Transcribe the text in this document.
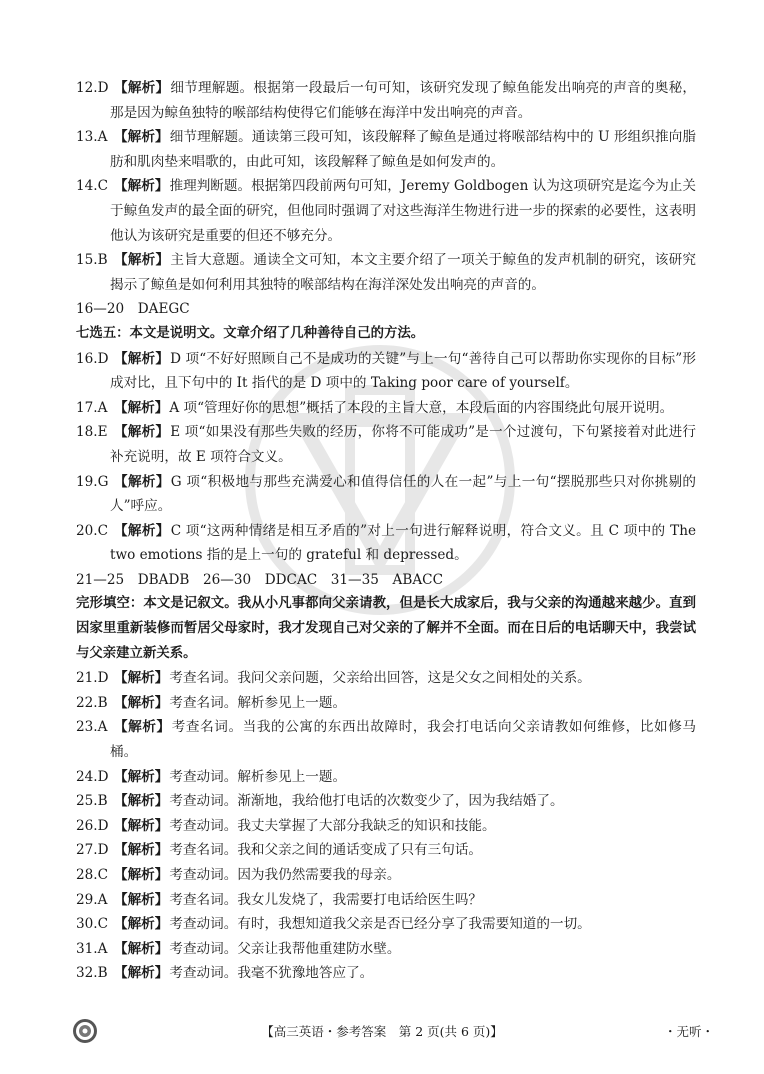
12.D 【解析】细节理解题。根据第一段最后一句可知，该研究发现了鲸鱼能发出响亮的声音的奥秘，那是因为鲸鱼独特的喉部结构使得它们能够在海洋中发出响亮的声音。
13.A 【解析】细节理解题。通读第三段可知，该段解释了鲸鱼是通过将喉部结构中的 U 形组织推向脂肪和肌肉垫来唱歌的，由此可知，该段解释了鲸鱼是如何发声的。
14.C 【解析】推理判断题。根据第四段前两句可知，Jeremy Goldbogen 认为这项研究是迄今为止关于鲸鱼发声的最全面的研究，但他同时强调了对这些海洋生物进行进一步的探索的必要性，这表明他认为该研究是重要的但还不够充分。
15.B 【解析】主旨大意题。通读全文可知，本文主要介绍了一项关于鲸鱼的发声机制的研究，该研究揭示了鲸鱼是如何利用其独特的喉部结构在海洋深处发出响亮的声音的。
16—20　DAEGC
七选五：本文是说明文。文章介绍了几种善待自己的方法。
16.D 【解析】D 项“不好好照顾自己不是成功的关键”与上一句“善待自己可以帮助你实现你的目标”形成对比，且下句中的 It 指代的是 D 项中的 Taking poor care of yourself。
17.A 【解析】A 项“管理好你的思想”概括了本段的主旨大意，本段后面的内容围绕此句展开说明。
18.E 【解析】E 项“如果没有那些失败的经历，你将不可能成功”是一个过渡句，下句紧接着对此进行补充说明，故 E 项符合文义。
19.G 【解析】G 项“积极地与那些充满爱心和值得信任的人在一起”与上一句“摆脱那些只对你挑剔的人”呼应。
20.C 【解析】C 项“这两种情绪是相互矛盾的”对上一句进行解释说明，符合文义。且 C 项中的 The two emotions 指的是上一句的 grateful 和 depressed。
21—25　DBADB　26—30　DDCAC　31—35　ABACC
完形填空：本文是记叙文。我从小凡事都向父亲请教，但是长大成家后，我与父亲的沟通越来越少。直到因家里重新装修而暂居父母家时，我才发现自己对父亲的了解并不全面。而在日后的电话聊天中，我尝试与父亲建立新关系。
21.D 【解析】考查名词。我问父亲问题，父亲给出回答，这是父女之间相处的关系。
22.B 【解析】考查名词。解析参见上一题。
23.A 【解析】考查名词。当我的公寓的东西出故障时，我会打电话向父亲请教如何维修，比如修马桶。
24.D 【解析】考查动词。解析参见上一题。
25.B 【解析】考查动词。渐渐地，我给他打电话的次数变少了，因为我结婚了。
26.D 【解析】考查动词。我丈夫掌握了大部分我缺乏的知识和技能。
27.D 【解析】考查名词。我和父亲之间的通话变成了只有三句话。
28.C 【解析】考查动词。因为我仍然需要我的母亲。
29.A 【解析】考查名词。我女儿发烧了，我需要打电话给医生吗？
30.C 【解析】考查动词。有时，我想知道我父亲是否已经分享了我需要知道的一切。
31.A 【解析】考查动词。父亲让我帮他重建防水壁。
32.B 【解析】考查动词。我毫不犹豫地答应了。
【高三英语・参考答案　第 2 页(共 6 页)】	・无听・
